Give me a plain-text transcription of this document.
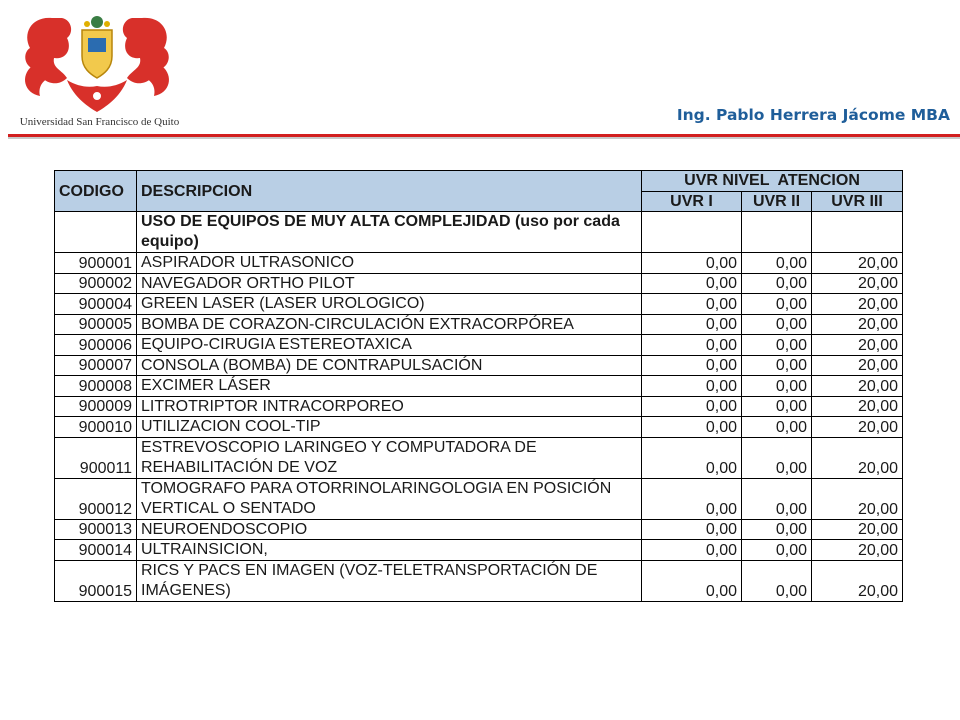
Universidad San Francisco de Quito	Ing. Pablo Herrera Jácome MBA
CODIGO	DESCRIPCION	UVR NIVEL  ATENCION		
		UVR I	UVR II	UVR III
	USO DE EQUIPOS DE MUY ALTA COMPLEJIDAD (uso por cada equipo)			
900001	ASPIRADOR ULTRASONICO	0,00	0,00	20,00
900002	NAVEGADOR ORTHO PILOT	0,00	0,00	20,00
900004	GREEN LASER (LASER UROLOGICO)	0,00	0,00	20,00
900005	BOMBA DE CORAZON-CIRCULACIÓN EXTRACORPÓREA	0,00	0,00	20,00
900006	EQUIPO-CIRUGIA ESTEREOTAXICA	0,00	0,00	20,00
900007	CONSOLA (BOMBA) DE CONTRAPULSACIÓN	0,00	0,00	20,00
900008	EXCIMER LÁSER	0,00	0,00	20,00
900009	LITROTRIPTOR INTRACORPOREO	0,00	0,00	20,00
900010	UTILIZACION COOL-TIP	0,00	0,00	20,00
900011	ESTREVOSCOPIO LARINGEO Y COMPUTADORA DE REHABILITACIÓN DE VOZ	0,00	0,00	20,00
900012	TOMOGRAFO PARA OTORRINOLARINGOLOGIA EN POSICIÓN VERTICAL O SENTADO	0,00	0,00	20,00
900013	NEUROENDOSCOPIO	0,00	0,00	20,00
900014	ULTRAINSICION,	0,00	0,00	20,00
900015	RICS Y PACS EN IMAGEN (VOZ-TELETRANSPORTACIÓN DE IMÁGENES)	0,00	0,00	20,00
